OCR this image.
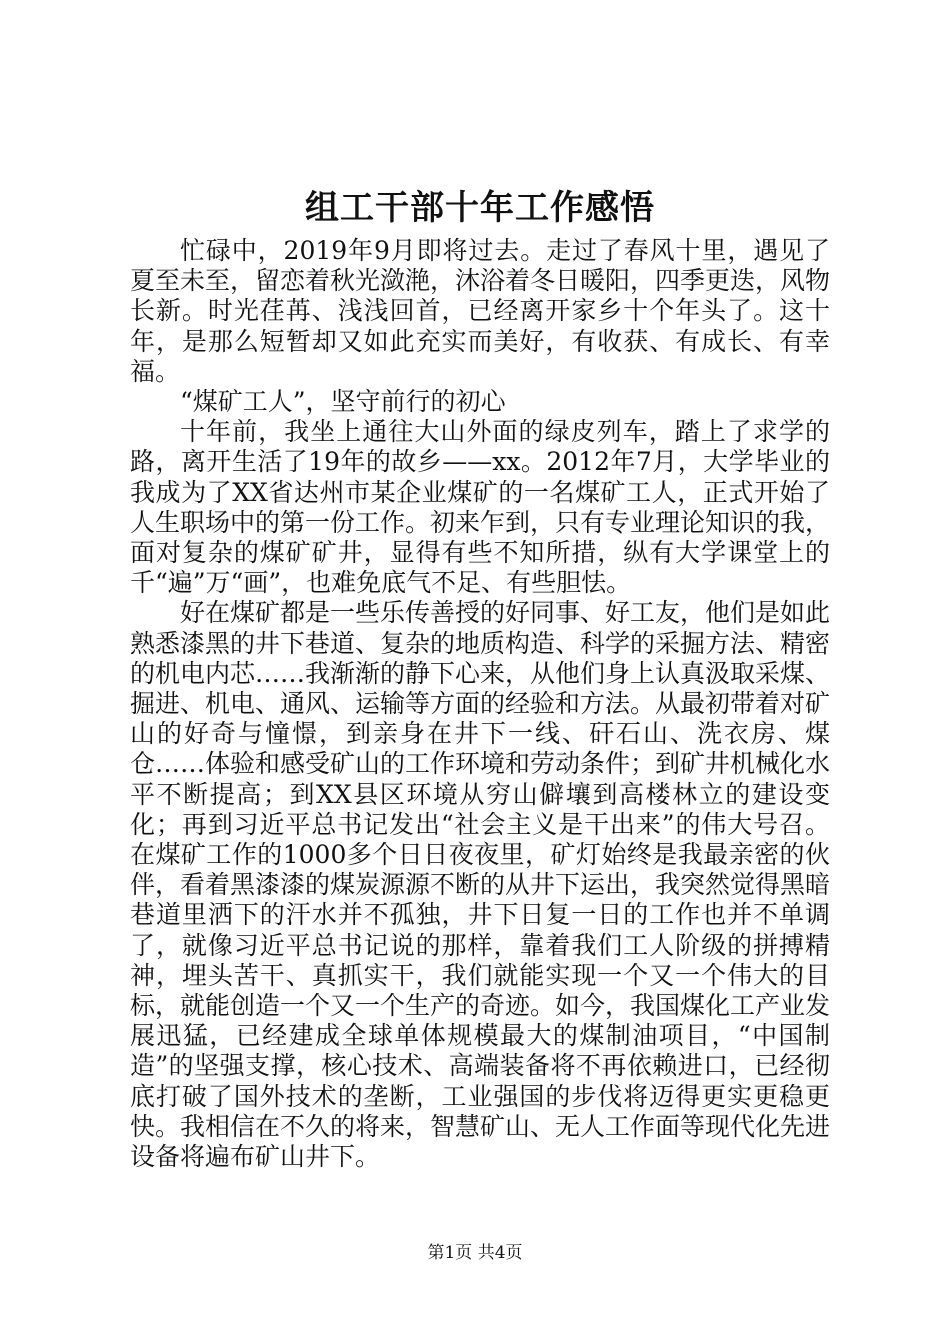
组工干部十年工作感悟

忙碌中，2019年9月即将过去。走过了春风十里，遇见了夏至未至，留恋着秋光潋滟，沐浴着冬日暖阳，四季更迭，风物长新。时光荏苒、浅浅回首，已经离开家乡十个年头了。这十年，是那么短暂却又如此充实而美好，有收获、有成长、有幸福。

“煤矿工人”，坚守前行的初心

十年前，我坐上通往大山外面的绿皮列车，踏上了求学的路，离开生活了19年的故乡——xx。2012年7月，大学毕业的我成为了XX省达州市某企业煤矿的一名煤矿工人，正式开始了人生职场中的第一份工作。初来乍到，只有专业理论知识的我，面对复杂的煤矿矿井，显得有些不知所措，纵有大学课堂上的千“遍”万“画”，也难免底气不足、有些胆怯。

好在煤矿都是一些乐传善授的好同事、好工友，他们是如此熟悉漆黑的井下巷道、复杂的地质构造、科学的采掘方法、精密的机电内芯……我渐渐的静下心来，从他们身上认真汲取采煤、掘进、机电、通风、运输等方面的经验和方法。从最初带着对矿山的好奇与憧憬，到亲身在井下一线、矸石山、洗衣房、煤仓……体验和感受矿山的工作环境和劳动条件；到矿井机械化水平不断提高；到XX县区环境从穷山僻壤到高楼林立的建设变化；再到习近平总书记发出“社会主义是干出来”的伟大号召。在煤矿工作的1000多个日日夜夜里，矿灯始终是我最亲密的伙伴，看着黑漆漆的煤炭源源不断的从井下运出，我突然觉得黑暗巷道里洒下的汗水并不孤独，井下日复一日的工作也并不单调了，就像习近平总书记说的那样，靠着我们工人阶级的拼搏精神，埋头苦干、真抓实干，我们就能实现一个又一个伟大的目标，就能创造一个又一个生产的奇迹。如今，我国煤化工产业发展迅猛，已经建成全球单体规模最大的煤制油项目，“中国制造”的坚强支撑，核心技术、高端装备将不再依赖进口，已经彻底打破了国外技术的垄断，工业强国的步伐将迈得更实更稳更快。我相信在不久的将来，智慧矿山、无人工作面等现代化先进设备将遍布矿山井下。

第1页 共4页
